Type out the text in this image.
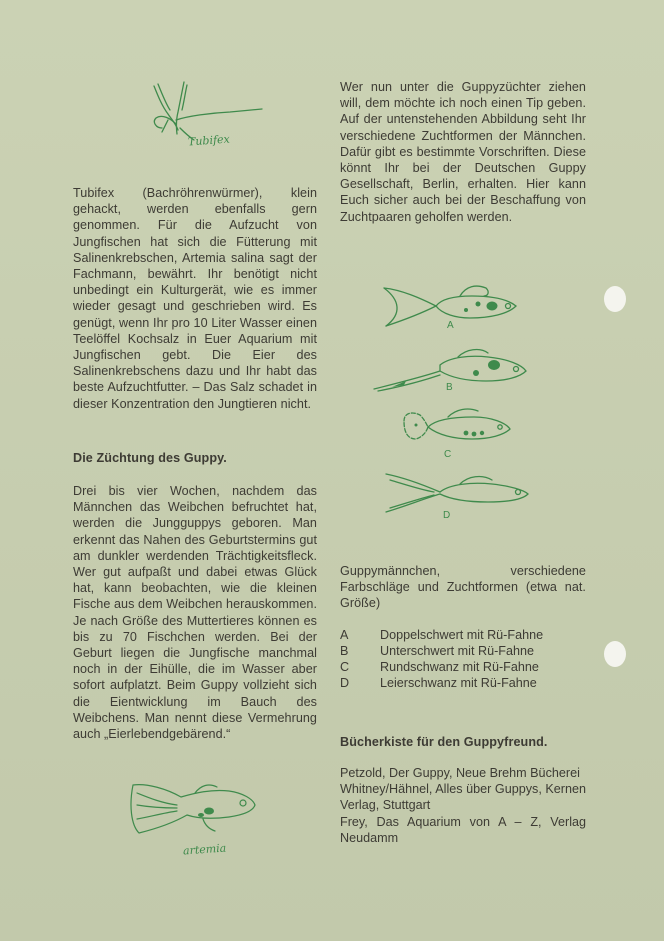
Tubifex
Tubifex (Bachröhrenwürmer), klein gehackt, werden ebenfalls gern genommen. Für die Aufzucht von Jungfischen hat sich die Fütterung mit Salinenkrebschen, Artemia salina sagt der Fachmann, bewährt. Ihr benötigt nicht unbedingt ein Kulturgerät, wie es immer wieder gesagt und geschrieben wird. Es genügt, wenn Ihr pro 10 Liter Wasser einen Teelöffel Kochsalz in Euer Aquarium mit Jungfischen gebt. Die Eier des Salinenkrebschens dazu und Ihr habt das beste Aufzuchtfutter. – Das Salz schadet in dieser Konzentration den Jungtieren nicht.
Die Züchtung des Guppy.
Drei bis vier Wochen, nachdem das Männchen das Weibchen befruchtet hat, werden die Jungguppys geboren. Man erkennt das Nahen des Geburtstermins gut am dunkler werdenden Trächtigkeitsfleck. Wer gut aufpaßt und dabei etwas Glück hat, kann beobachten, wie die kleinen Fische aus dem Weibchen herauskommen. Je nach Größe des Muttertieres können es bis zu 70 Fischchen werden. Bei der Geburt liegen die Jungfische manchmal noch in der Eihülle, die im Wasser aber sofort aufplatzt. Beim Guppy vollzieht sich die Eientwicklung im Bauch des Weibchens. Man nennt diese Vermehrung auch „Eierlebendgebärend.“
artemia
Wer nun unter die Guppyzüchter ziehen will, dem möchte ich noch einen Tip geben. Auf der untenstehenden Abbildung seht Ihr verschiedene Zuchtformen der Männchen. Dafür gibt es bestimmte Vorschriften. Diese könnt Ihr bei der Deutschen Guppy Gesellschaft, Berlin, erhalten. Hier kann Euch sicher auch bei der Beschaffung von Zuchtpaaren geholfen werden.
A
B
C
D
Guppymännchen, verschiedene Farbschläge und Zuchtformen (etwa nat. Größe)
A	Doppelschwert mit Rü-Fahne
B	Unterschwert mit Rü-Fahne
C Rundschwanz mit Rü-Fahne
D Leierschwanz mit Rü-Fahne
Bücherkiste für den Guppyfreund.
Petzold, Der Guppy, Neue Brehm Bücherei
Whitney/Hähnel, Alles über Guppys, Kernen Verlag, Stuttgart
Frey, Das Aquarium von A – Z, Verlag Neudamm
